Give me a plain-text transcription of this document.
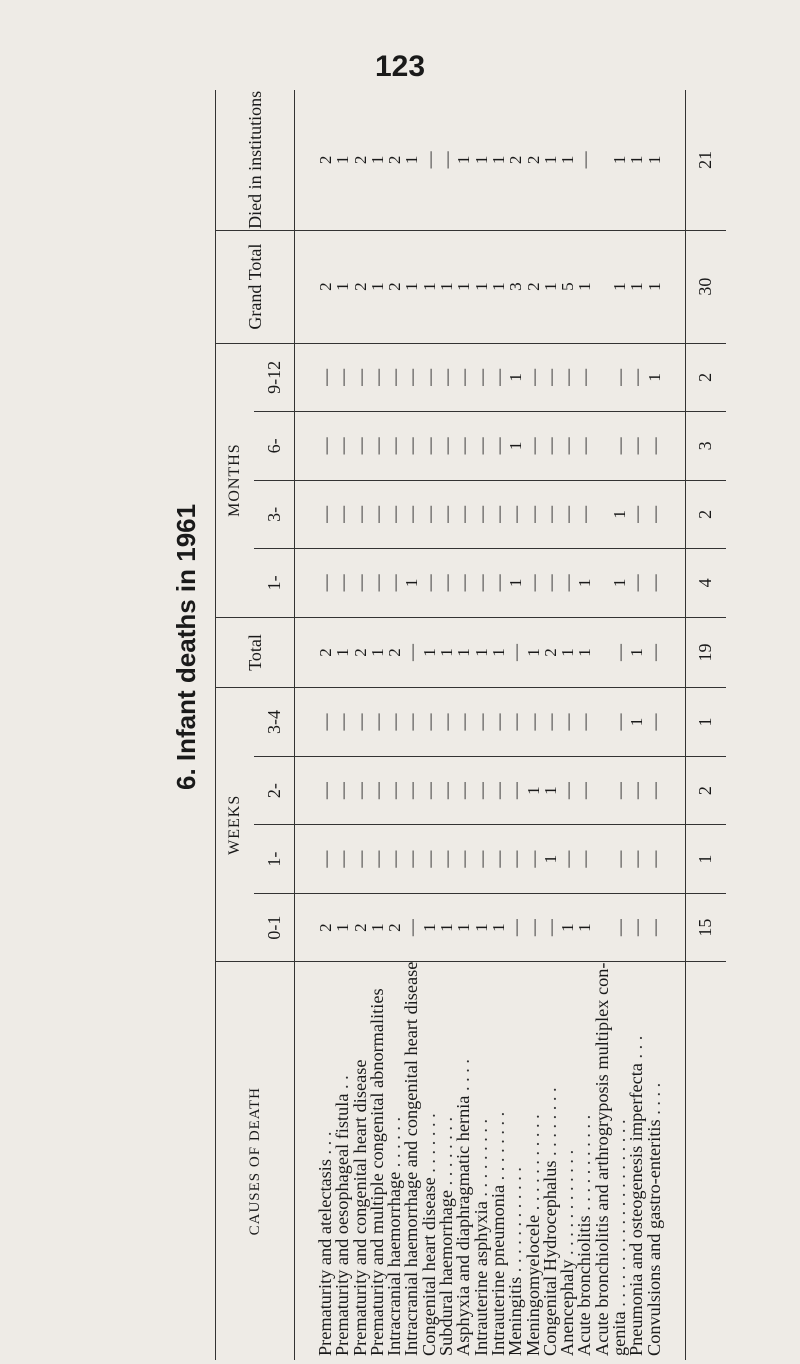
123
6. Infant deaths in 1961
CAUSES OF DEATH	WEEKS				Total	MONTHS				Grand Total	Died in institutions
	0-1	1-	2-	3-4		1-	3-	6-	9-12		

Prematurity and atelectasis . . .	2	—	—	—	2	—	—	—	—	2	2
Prematurity and oesophageal fistula . .	1	—	—	—	1	—	—	—	—	1	1
Prematurity and congenital heart disease	2	—	—	—	2	—	—	—	—	2	2
Prematurity and multiple congenital abnormalities	1	—	—	—	1	—	—	—	—	1	1
Intracranial haemorrhage . . . . . .	2	—	—	—	2	—	—	—	—	2	2
Intracranial haemorrhage and congenital heart disease	—	—	—	—	—	1	—	—	—	1	1
Congenital heart disease . . . . . . .	1	—	—	—	1	—	—	—	—	1	—
Subdural haemorrhage . . . . . . . .	1	—	—	—	1	—	—	—	—	1	—
Asphyxia and diaphragmatic hernia . . . .	1	—	—	—	1	—	—	—	—	1	1
Intrauterine asphyxia . . . . . . . . .	1	—	—	—	1	—	—	—	—	1	1
Intrauterine pneumonia . . . . . . . .	1	—	—	—	1	—	—	—	—	1	1
Meningitis . . . . . . . . . . . .	—	—	—	—	—	1	—	1	1	3	2
Meningomyelocele . . . . . . . . . . .	—	—	1	—	1	—	—	—	—	2	2
Congenital Hydrocephalus . . . . . . . .	—	1	1	—	2	—	—	—	—	1	1
Anencephaly . . . . . . . . . . . .	1	—	—	—	1	—	—	—	—	5	1
Acute bronchiolitis . . . . . . . . . . .	1	—	—	—	1	1	—	—	—	1	—
Acute bronchiolitis and arthrogryposis multiplex con-											
genita . . . . . . . . . . . . . . . . . . . . .	—	—	—	—	—	1	1	—	—	1	1
Pneumonia and osteogenesis imperfecta . . .	—	—	—	1	1	—	—	—	—	1	1
Convulsions and gastro-enteritis . . . .	—	—	—	—	—	—	—	—	1	1	1

	15	1	2	1	19	4	2	3	2	30	21
